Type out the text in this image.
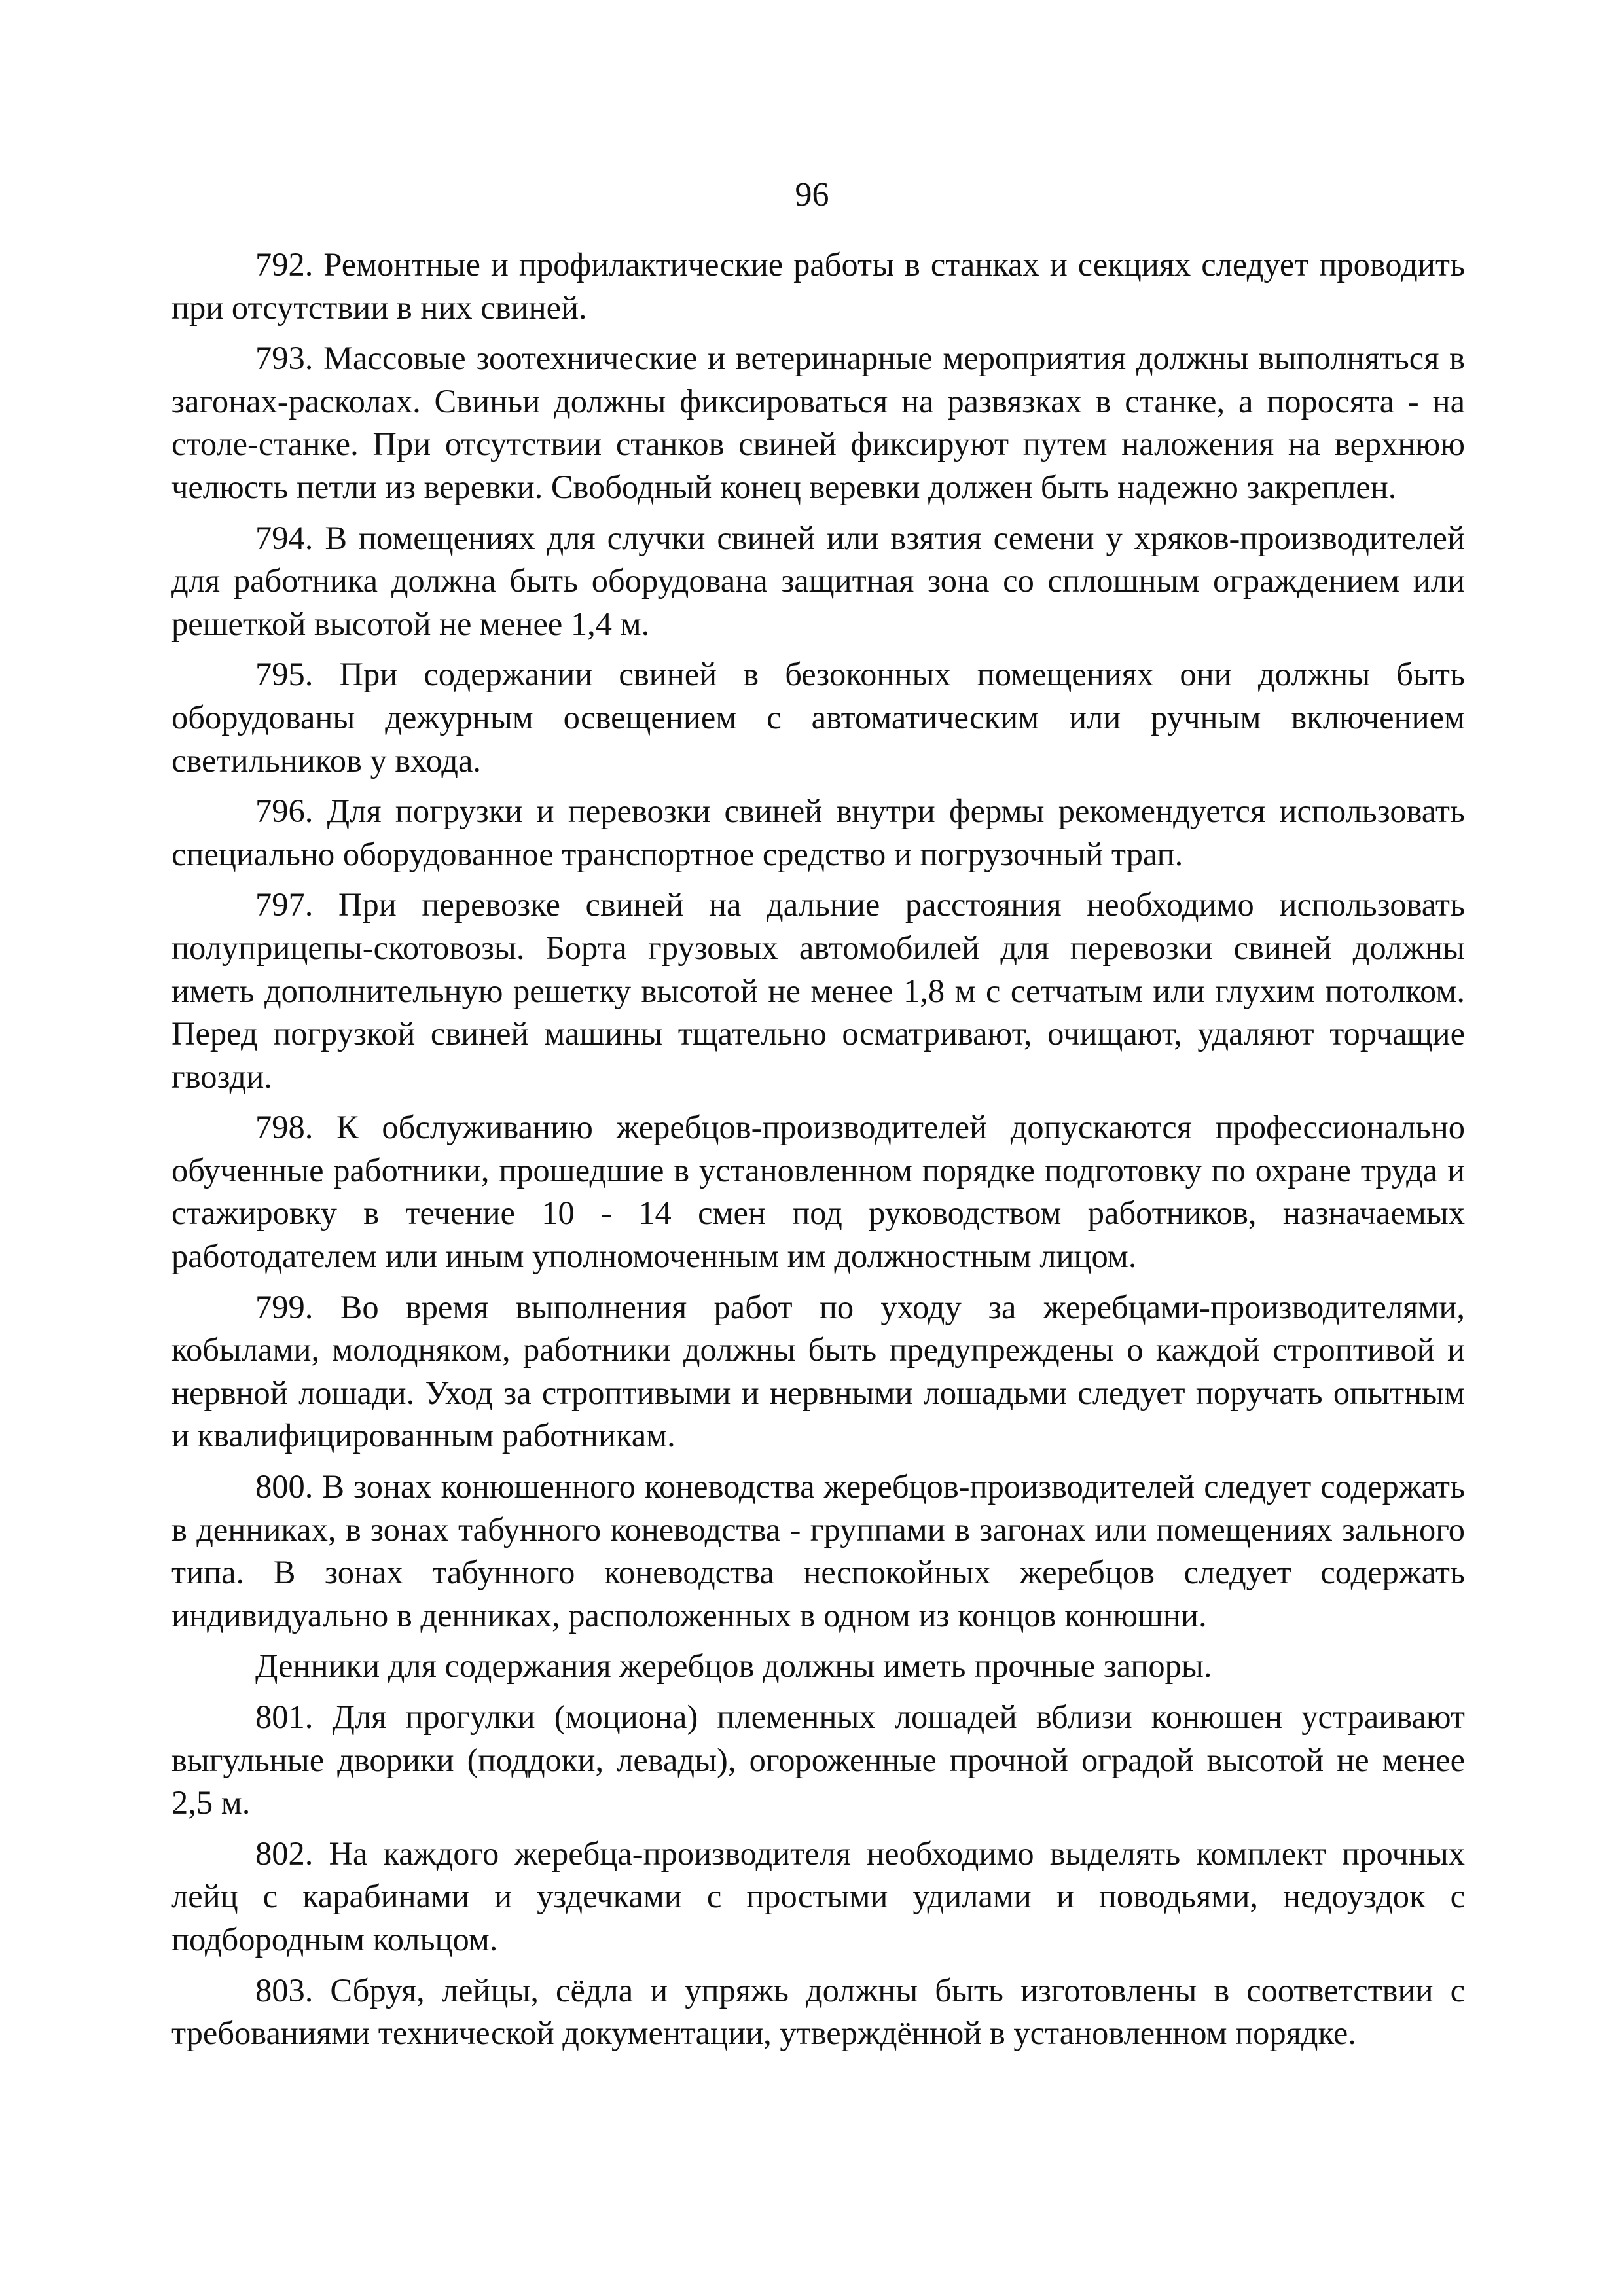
96

792. Ремонтные и профилактические работы в станках и секциях следует проводить при отсутствии в них свиней.

793. Массовые зоотехнические и ветеринарные мероприятия должны выполняться в загонах-расколах. Свиньи должны фиксироваться на развязках в станке, а поросята - на столе-станке. При отсутствии станков свиней фиксируют путем наложения на верхнюю челюсть петли из веревки. Свободный конец веревки должен быть надежно закреплен.

794. В помещениях для случки свиней или взятия семени у хряков-производителей для работника должна быть оборудована защитная зона со сплошным ограждением или решеткой высотой не менее 1,4 м.

795. При содержании свиней в безоконных помещениях они должны быть оборудованы дежурным освещением с автоматическим или ручным включением светильников у входа.

796. Для погрузки и перевозки свиней внутри фермы рекомендуется использовать специально оборудованное транспортное средство и погрузочный трап.

797. При перевозке свиней на дальние расстояния необходимо использовать полуприцепы-скотовозы. Борта грузовых автомобилей для перевозки свиней должны иметь дополнительную решетку высотой не менее 1,8 м с сетчатым или глухим потолком. Перед погрузкой свиней машины тщательно осматривают, очищают, удаляют торчащие гвозди.

798. К обслуживанию жеребцов-производителей допускаются профессионально обученные работники, прошедшие в установленном порядке подготовку по охране труда и стажировку в течение 10 - 14 смен под руководством работников, назначаемых работодателем или иным уполномоченным им должностным лицом.

799. Во время выполнения работ по уходу за жеребцами-производителями, кобылами, молодняком, работники должны быть предупреждены о каждой строптивой и нервной лошади. Уход за строптивыми и нервными лошадьми следует поручать опытным и квалифицированным работникам.

800. В зонах конюшенного коневодства жеребцов-производителей следует содержать в денниках, в зонах табунного коневодства - группами в загонах или помещениях зального типа. В зонах табунного коневодства неспокойных жеребцов следует содержать индивидуально в денниках, расположенных в одном из концов конюшни.

Денники для содержания жеребцов должны иметь прочные запоры.

801. Для прогулки (моциона) племенных лошадей вблизи конюшен устраивают выгульные дворики (поддоки, левады), огороженные прочной оградой высотой не менее 2,5 м.

802. На каждого жеребца-производителя необходимо выделять комплект прочных лейц с карабинами и уздечками с простыми удилами и поводьями, недоуздок с подбородным кольцом.

803. Сбруя, лейцы, сёдла и упряжь должны быть изготовлены в соответствии с требованиями технической документации, утверждённой в установленном порядке.
